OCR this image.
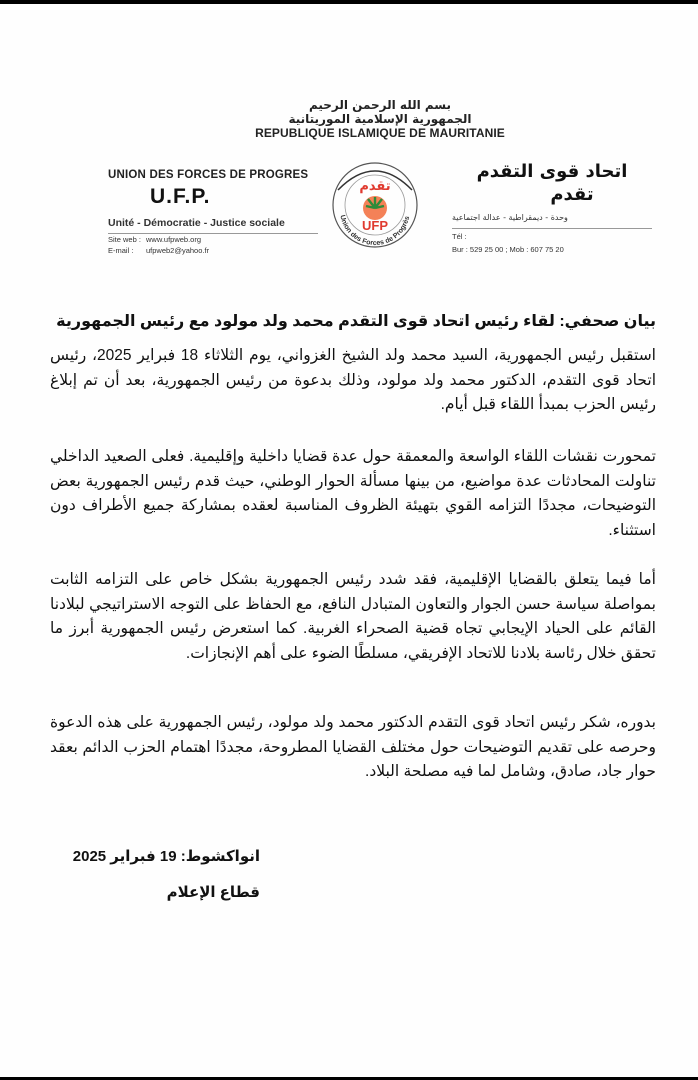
بسم الله الرحمن الرحيم
الجمهورية الإسلامية الموريتانية
REPUBLIQUE ISLAMIQUE DE MAURITANIE
UNION DES FORCES DE PROGRES
U.F.P.
Unité - Démocratie - Justice sociale
Site web : www.ufpweb.org
E-mail : ufpweb2@yahoo.fr
تقدم
UFP
Union des Forces de Progrès
اتحاد قوى التقدم
تقدم
وحدة - ديمقراطية - عدالة اجتماعية
Tél :
Bur : 529 25 00 ; Mob : 607 75 20
بيان صحفي: لقاء رئيس اتحاد قوى التقدم محمد ولد مولود مع رئيس الجمهورية

استقبل رئيس الجمهورية، السيد محمد ولد الشيخ الغزواني، يوم الثلاثاء 18 فبراير 2025، رئيس اتحاد قوى التقدم، الدكتور محمد ولد مولود، وذلك بدعوة من رئيس الجمهورية، بعد أن تم إبلاغ رئيس الحزب بمبدأ اللقاء قبل أيام.

تمحورت نقشات اللقاء الواسعة والمعمقة حول عدة قضايا داخلية وإقليمية. فعلى الصعيد الداخلي تناولت المحادثات عدة مواضيع، من بينها مسألة الحوار الوطني، حيث قدم رئيس الجمهورية بعض التوضيحات، مجددًا التزامه القوي بتهيئة الظروف المناسبة لعقده بمشاركة جميع الأطراف دون استثناء.

أما فيما يتعلق بالقضايا الإقليمية، فقد شدد رئيس الجمهورية بشكل خاص على التزامه الثابت بمواصلة سياسة حسن الجوار والتعاون المتبادل النافع، مع الحفاظ على التوجه الاستراتيجي لبلادنا القائم على الحياد الإيجابي تجاه قضية الصحراء الغربية. كما استعرض رئيس الجمهورية أبرز ما تحقق خلال رئاسة بلادنا للاتحاد الإفريقي، مسلطًا الضوء على أهم الإنجازات.

بدوره، شكر رئيس اتحاد قوى التقدم الدكتور محمد ولد مولود، رئيس الجمهورية على هذه الدعوة وحرصه على تقديم التوضيحات حول مختلف القضايا المطروحة، مجددًا اهتمام الحزب الدائم بعقد حوار جاد، صادق، وشامل لما فيه مصلحة البلاد.

انواكشوط: 19 فبراير 2025
قطاع الإعلام
